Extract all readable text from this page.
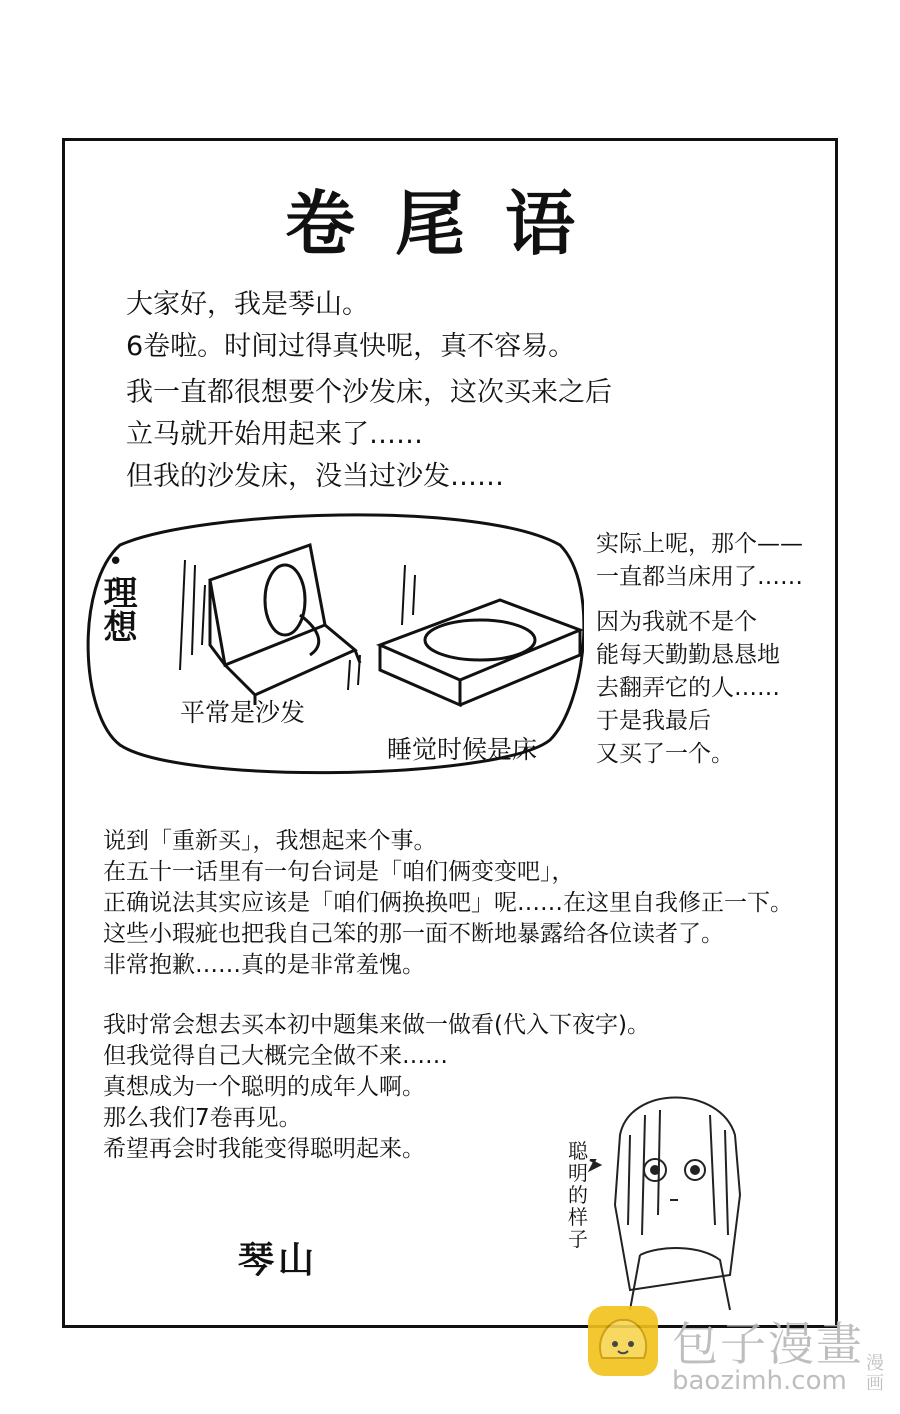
卷尾语
大家好，我是琴山。
6卷啦。时间过得真快呢，真不容易。
我一直都很想要个沙发床，这次买来之后
立马就开始用起来了……
但我的沙发床，没当过沙发……
•
理想
平常是沙发
睡觉时候是床
实际上呢，那个——
一直都当床用了……
因为我就不是个
能每天勤勤恳恳地
去翻弄它的人……
于是我最后
又买了一个。
说到「重新买」，我想起来个事。
在五十一话里有一句台词是「咱们俩变变吧」，
正确说法其实应该是「咱们俩换换吧」呢……在这里自我修正一下。
这些小瑕疵也把我自己笨的那一面不断地暴露给各位读者了。
非常抱歉……真的是非常羞愧。
我时常会想去买本初中题集来做一做看(代入下夜字)。
但我觉得自己大概完全做不来……
真想成为一个聪明的成年人啊。
那么我们7卷再见。
希望再会时我能变得聪明起来。
琴山
聪明的样子
包子漫畫
baozimh.com
漫画
